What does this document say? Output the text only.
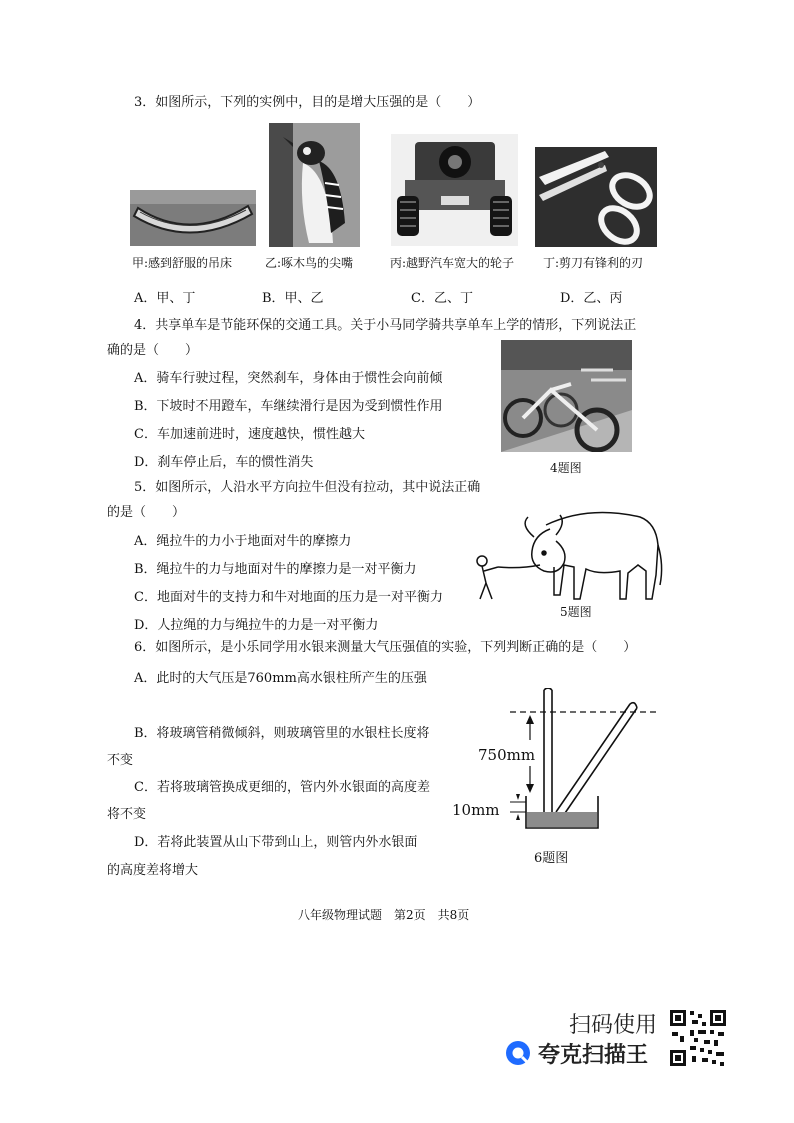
3．如图所示，下列的实例中，目的是增大压强的是（　　）
甲:感到舒服的吊床	乙:啄木鸟的尖嘴	丙:越野汽车宽大的轮子 丁:剪刀有锋利的刃
A．甲、丁	B．甲、乙	C．乙、丁	D．乙、丙
4．共享单车是节能环保的交通工具。关于小马同学骑共享单车上学的情形，下列说法正
确的是（　　）
A．骑车行驶过程，突然刹车，身体由于惯性会向前倾
B．下坡时不用蹬车，车继续滑行是因为受到惯性作用
C．车加速前进时，速度越快，惯性越大
D．刹车停止后，车的惯性消失	4题图
5．如图所示，人沿水平方向拉牛但没有拉动，其中说法正确
的是（　　）
A．绳拉牛的力小于地面对牛的摩擦力
B．绳拉牛的力与地面对牛的摩擦力是一对平衡力
C．地面对牛的支持力和牛对地面的压力是一对平衡力
D．人拉绳的力与绳拉牛的力是一对平衡力
5题图
6．如图所示，是小乐同学用水银来测量大气压强值的实验，下列判断正确的是（　　）
A．此时的大气压是760mm高水银柱所产生的压强
B．将玻璃管稍微倾斜，则玻璃管里的水银柱长度将
不变
C．若将玻璃管换成更细的，管内外水银面的高度差
将不变
D．若将此装置从山下带到山上，则管内外水银面
的高度差将增大
750mm
10mm
6题图
八年级物理试题　第2页　共8页
扫码使用
夸克扫描王
